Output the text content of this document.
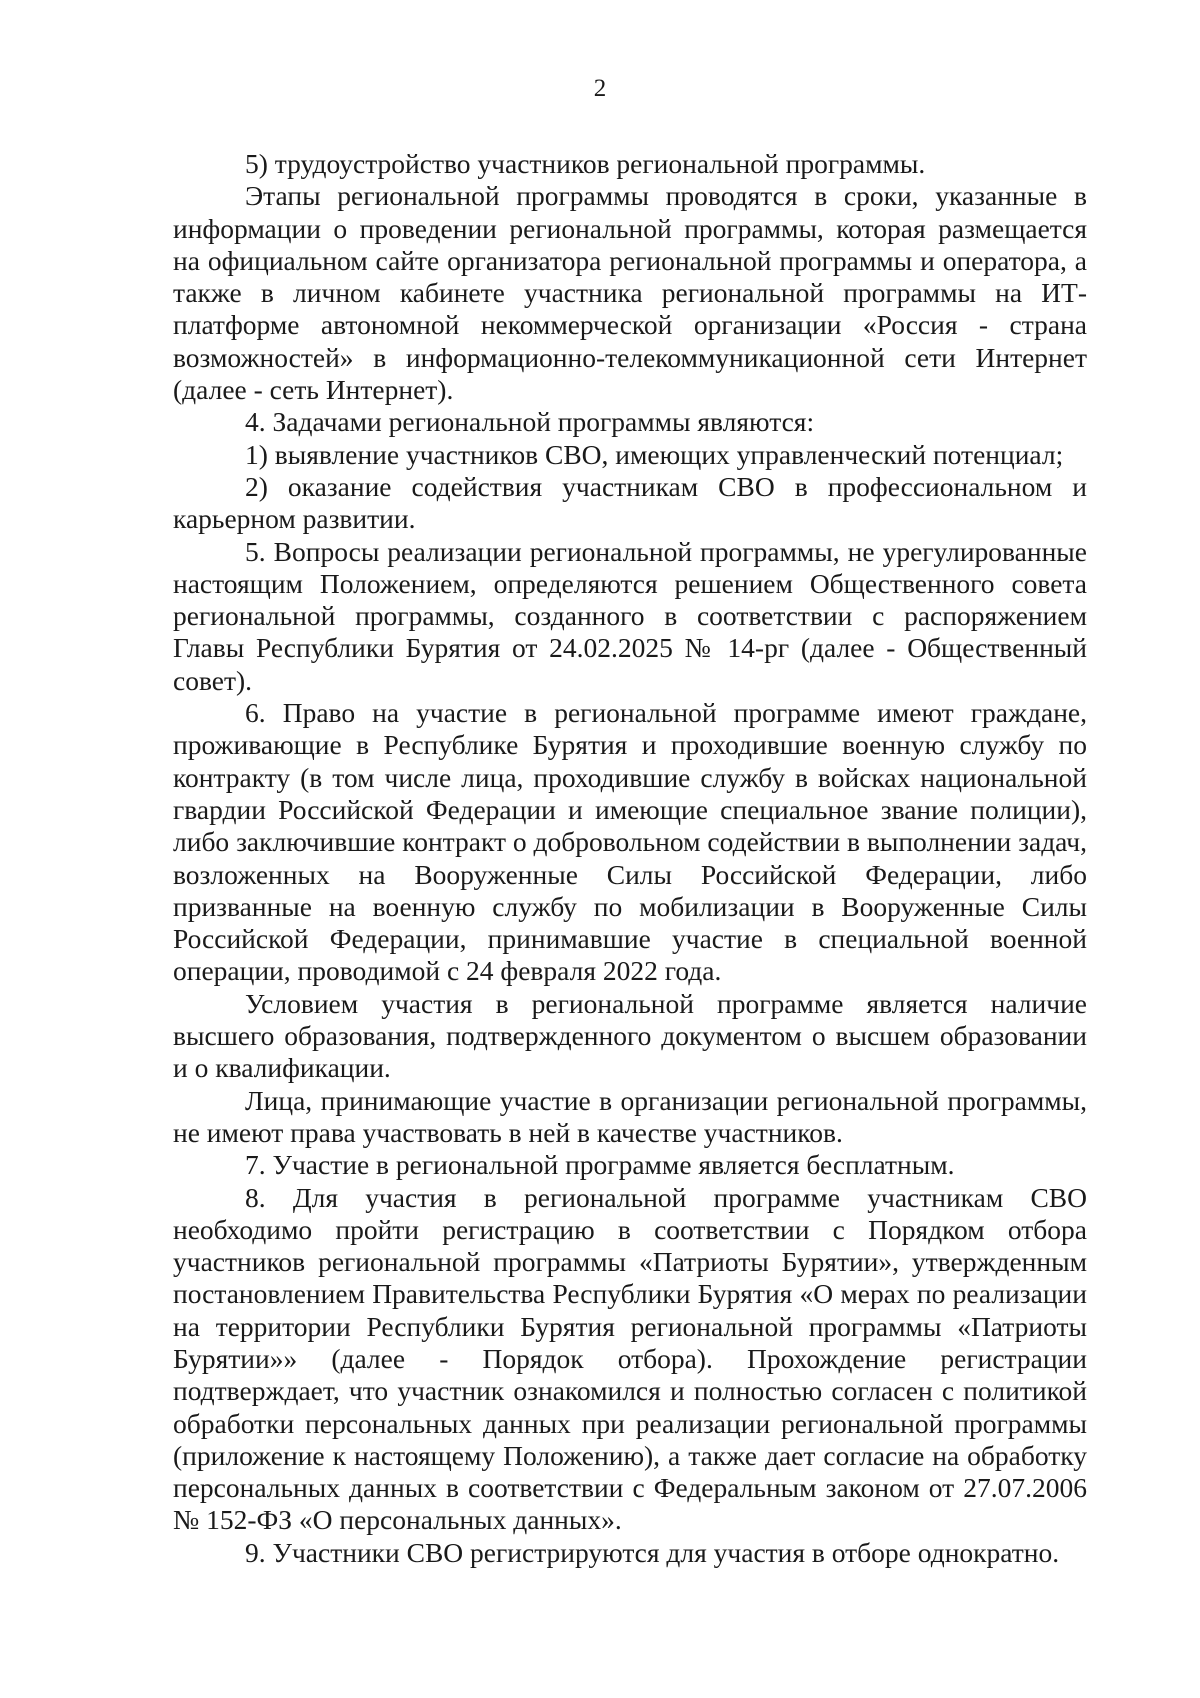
2

5) трудоустройство участников региональной программы.

Этапы региональной программы проводятся в сроки, указанные в информации о проведении региональной программы, которая размещается на официальном сайте организатора региональной программы и оператора, а также в личном кабинете участника региональной программы на ИТ-платформе автономной некоммерческой организации «Россия - страна возможностей» в информационно-телекоммуникационной сети Интернет (далее - сеть Интернет).

4. Задачами региональной программы являются:

1) выявление участников СВО, имеющих управленческий потенциал;

2) оказание содействия участникам СВО в профессиональном и карьерном развитии.

5. Вопросы реализации региональной программы, не урегулированные настоящим Положением, определяются решением Общественного совета региональной программы, созданного в соответствии с распоряжением Главы Республики Бурятия от 24.02.2025 № 14-рг (далее - Общественный совет).

6. Право на участие в региональной программе имеют граждане, проживающие в Республике Бурятия и проходившие военную службу по контракту (в том числе лица, проходившие службу в войсках национальной гвардии Российской Федерации и имеющие специальное звание полиции), либо заключившие контракт о добровольном содействии в выполнении задач, возложенных на Вооруженные Силы Российской Федерации, либо призванные на военную службу по мобилизации в Вооруженные Силы Российской Федерации, принимавшие участие в специальной военной операции, проводимой с 24 февраля 2022 года.

Условием участия в региональной программе является наличие высшего образования, подтвержденного документом о высшем образовании и о квалификации.

Лица, принимающие участие в организации региональной программы, не имеют права участвовать в ней в качестве участников.

7. Участие в региональной программе является бесплатным.

8. Для участия в региональной программе участникам СВО необходимо пройти регистрацию в соответствии с Порядком отбора участников региональной программы «Патриоты Бурятии», утвержденным постановлением Правительства Республики Бурятия «О мерах по реализации на территории Республики Бурятия региональной программы «Патриоты Бурятии»» (далее - Порядок отбора). Прохождение регистрации подтверждает, что участник ознакомился и полностью согласен с политикой обработки персональных данных при реализации региональной программы (приложение к настоящему Положению), а также дает согласие на обработку персональных данных в соответствии с Федеральным законом от 27.07.2006 № 152-ФЗ «О персональных данных».

9. Участники СВО регистрируются для участия в отборе однократно.
